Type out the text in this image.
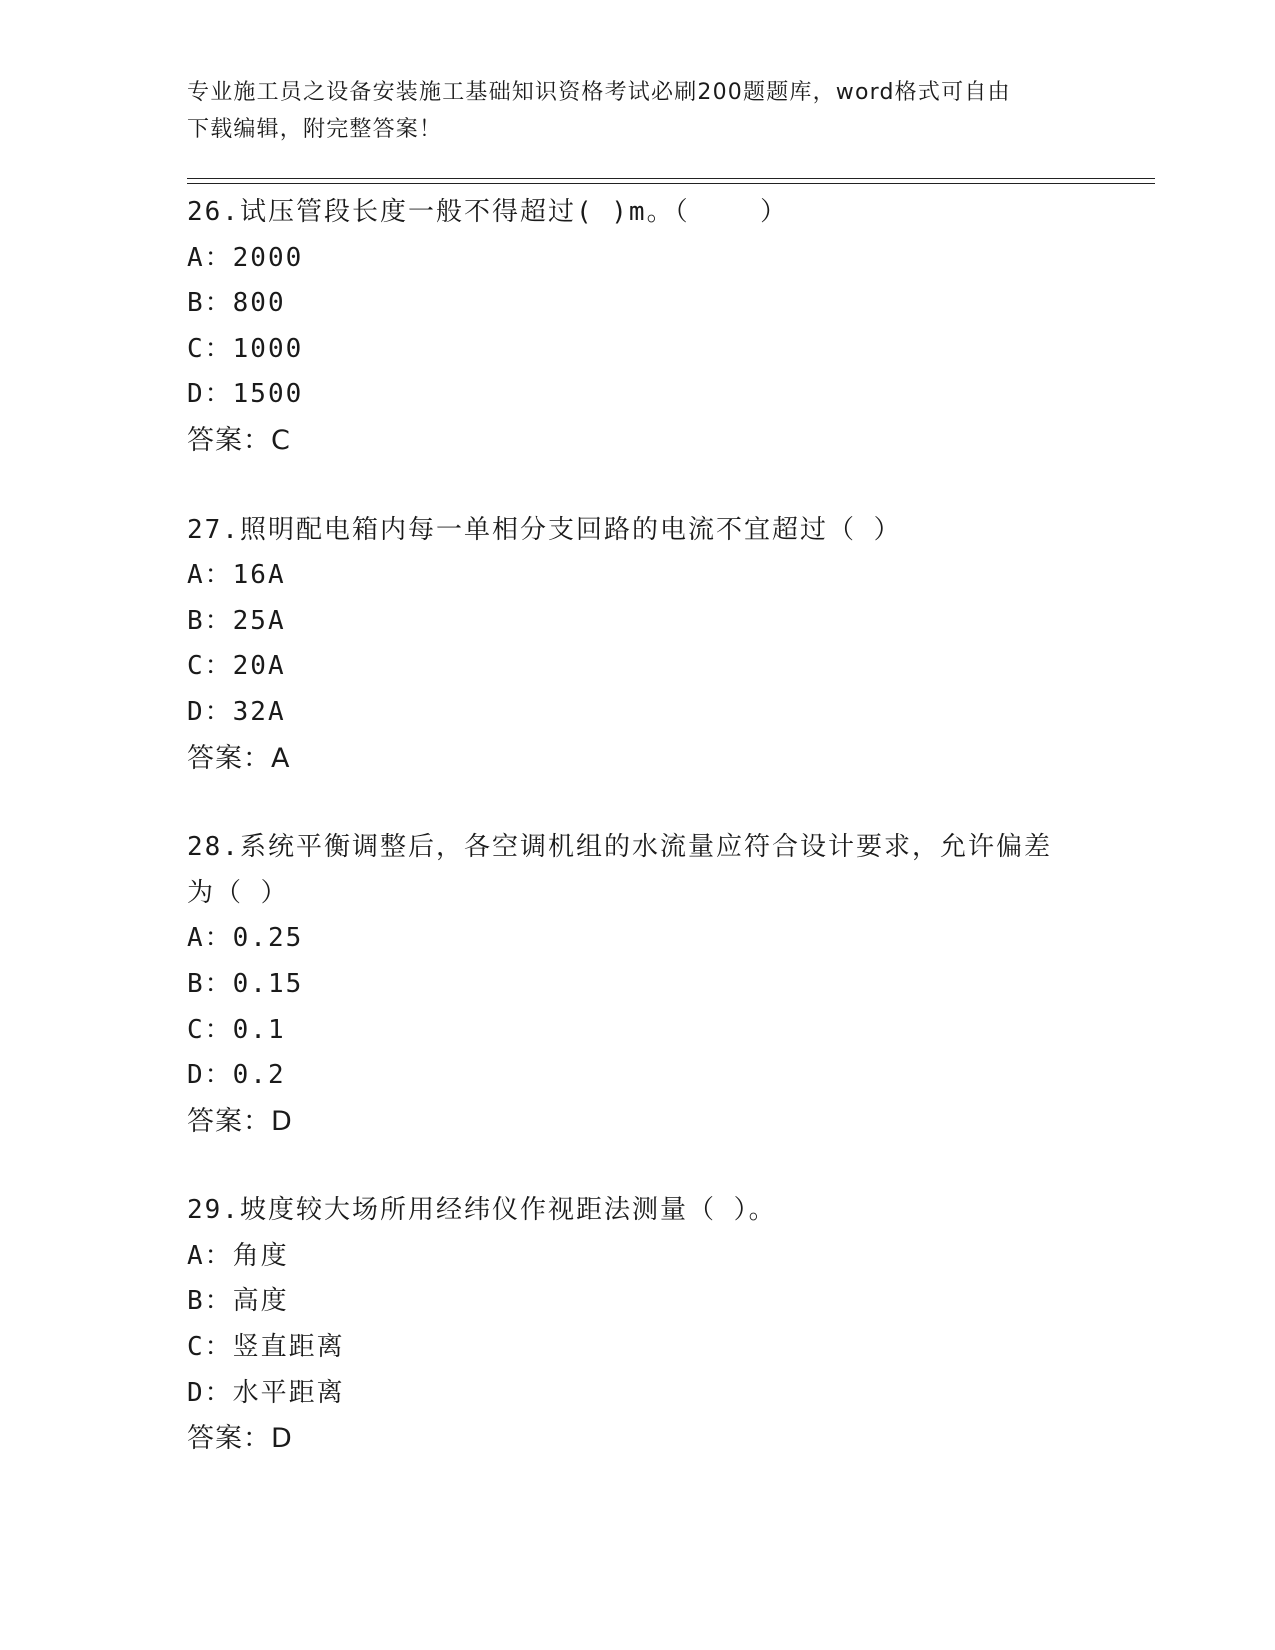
专业施工员之设备安装施工基础知识资格考试必刷200题题库，word格式可自由

下载编辑，附完整答案！

26.试压管段长度一般不得超过( )m。（    ）
A：2000
B：800
C：1000
D：1500
答案：C
27.照明配电箱内每一单相分支回路的电流不宜超过（ ）
A：16A
B：25A
C：20A
D：32A
答案：A
28.系统平衡调整后，各空调机组的水流量应符合设计要求，允许偏差为（ ）
A：0.25
B：0.15
C：0.1
D：0.2
答案：D
29.坡度较大场所用经纬仪作视距法测量（ ）。
A：角度
B：高度
C：竖直距离
D：水平距离
答案：D
